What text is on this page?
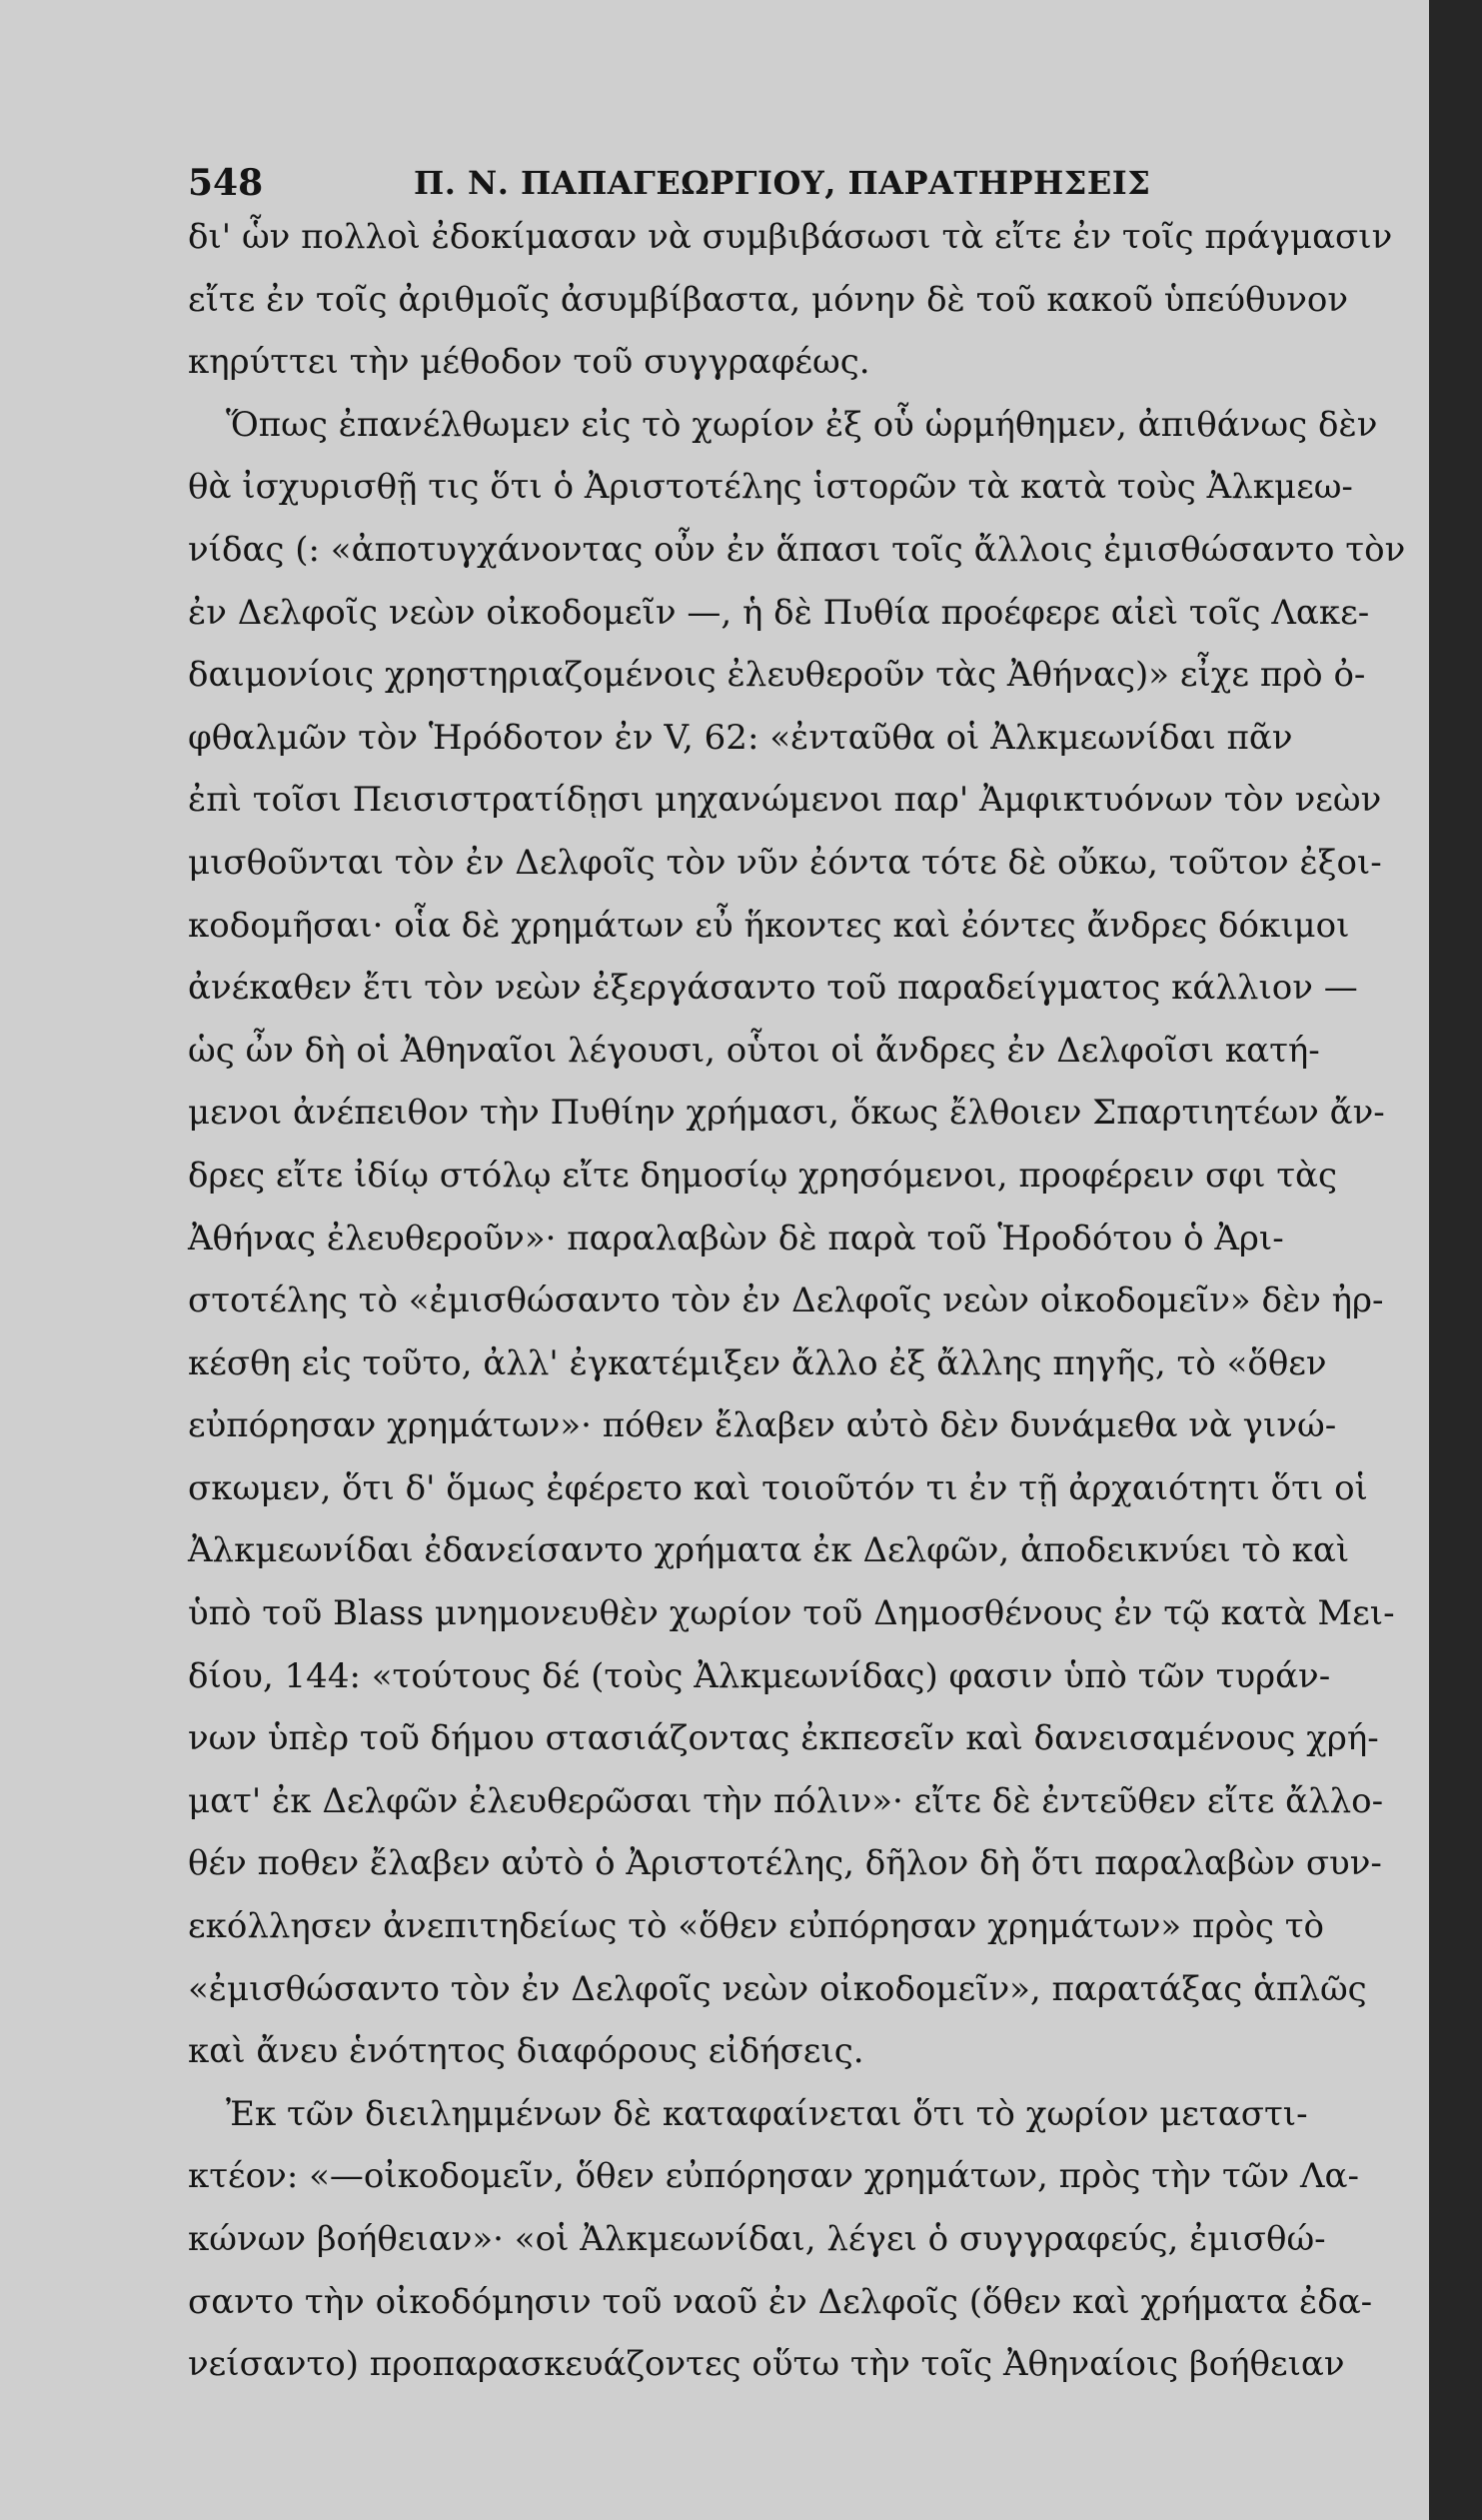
548	Π. Ν. ΠΑΠΑΓΕΩΡΓΙΟΥ, ΠΑΡΑΤΗΡΗΣΕΙΣ
δι' ὧν πολλοὶ ἐδοκίμασαν νὰ συμβιβάσωσι τὰ εἴτε ἐν τοῖς πράγμασιν
εἴτε ἐν τοῖς ἀριθμοῖς ἀσυμβίβαστα, μόνην δὲ τοῦ κακοῦ ὑπεύθυνον
κηρύττει τὴν μέθοδον τοῦ συγγραφέως.
Ὅπως ἐπανέλθωμεν εἰς τὸ χωρίον ἐξ οὗ ὡρμήθημεν, ἀπιθάνως δὲν
θὰ ἰσχυρισθῇ τις ὅτι ὁ Ἀριστοτέλης ἱστορῶν τὰ κατὰ τοὺς Ἀλκμεω-
νίδας (: «ἀποτυγχάνοντας οὖν ἐν ἅπασι τοῖς ἄλλοις ἐμισθώσαντο τὸν
ἐν Δελφοῖς νεὼν οἰκοδομεῖν —, ἡ δὲ Πυθία προέφερε αἰεὶ τοῖς Λακε-
δαιμονίοις χρηστηριαζομένοις ἐλευθεροῦν τὰς Ἀθήνας)» εἶχε πρὸ ὀ-
φθαλμῶν τὸν Ἡρόδοτον ἐν V, 62: «ἐνταῦθα οἱ Ἀλκμεωνίδαι πᾶν
ἐπὶ τοῖσι Πεισιστρατίδῃσι μηχανώμενοι παρ' Ἀμφικτυόνων τὸν νεὼν
μισθοῦνται τὸν ἐν Δελφοῖς τὸν νῦν ἐόντα τότε δὲ οὔκω, τοῦτον ἐξοι-
κοδομῆσαι· οἷα δὲ χρημάτων εὖ ἥκοντες καὶ ἐόντες ἄνδρες δόκιμοι
ἀνέκαθεν ἔτι τὸν νεὼν ἐξεργάσαντο τοῦ παραδείγματος κάλλιον —
ὡς ὦν δὴ οἱ Ἀθηναῖοι λέγουσι, οὗτοι οἱ ἄνδρες ἐν Δελφοῖσι κατή-
μενοι ἀνέπειθον τὴν Πυθίην χρήμασι, ὅκως ἔλθοιεν Σπαρτιητέων ἄν-
δρες εἴτε ἰδίῳ στόλῳ εἴτε δημοσίῳ χρησόμενοι, προφέρειν σφι τὰς
Ἀθήνας ἐλευθεροῦν»· παραλαβὼν δὲ παρὰ τοῦ Ἡροδότου ὁ Ἀρι-
στοτέλης τὸ «ἐμισθώσαντο τὸν ἐν Δελφοῖς νεὼν οἰκοδομεῖν» δὲν ἠρ-
κέσθη εἰς τοῦτο, ἀλλ' ἐγκατέμιξεν ἄλλο ἐξ ἄλλης πηγῆς, τὸ «ὅθεν
εὐπόρησαν χρημάτων»· πόθεν ἔλαβεν αὐτὸ δὲν δυνάμεθα νὰ γινώ-
σκωμεν, ὅτι δ' ὅμως ἐφέρετο καὶ τοιοῦτόν τι ἐν τῇ ἀρχαιότητι ὅτι οἱ
Ἀλκμεωνίδαι ἐδανείσαντο χρήματα ἐκ Δελφῶν, ἀποδεικνύει τὸ καὶ
ὑπὸ τοῦ Blass μνημονευθὲν χωρίον τοῦ Δημοσθένους ἐν τῷ κατὰ Μει-
δίου, 144: «τούτους δέ (τοὺς Ἀλκμεωνίδας) φασιν ὑπὸ τῶν τυράν-
νων ὑπὲρ τοῦ δήμου στασιάζοντας ἐκπεσεῖν καὶ δανεισαμένους χρή-
ματ' ἐκ Δελφῶν ἐλευθερῶσαι τὴν πόλιν»· εἴτε δὲ ἐντεῦθεν εἴτε ἄλλο-
θέν ποθεν ἔλαβεν αὐτὸ ὁ Ἀριστοτέλης, δῆλον δὴ ὅτι παραλαβὼν συν-
εκόλλησεν ἀνεπιτηδείως τὸ «ὅθεν εὐπόρησαν χρημάτων» πρὸς τὸ
«ἐμισθώσαντο τὸν ἐν Δελφοῖς νεὼν οἰκοδομεῖν», παρατάξας ἁπλῶς
καὶ ἄνευ ἑνότητος διαφόρους εἰδήσεις.
Ἐκ τῶν διειλημμένων δὲ καταφαίνεται ὅτι τὸ χωρίον μεταστι-
κτέον: «—οἰκοδομεῖν, ὅθεν εὐπόρησαν χρημάτων, πρὸς τὴν τῶν Λα-
κώνων βοήθειαν»· «οἱ Ἀλκμεωνίδαι, λέγει ὁ συγγραφεύς, ἐμισθώ-
σαντο τὴν οἰκοδόμησιν τοῦ ναοῦ ἐν Δελφοῖς (ὅθεν καὶ χρήματα ἐδα-
νείσαντο) προπαρασκευάζοντες οὕτω τὴν τοῖς Ἀθηναίοις βοήθειαν
